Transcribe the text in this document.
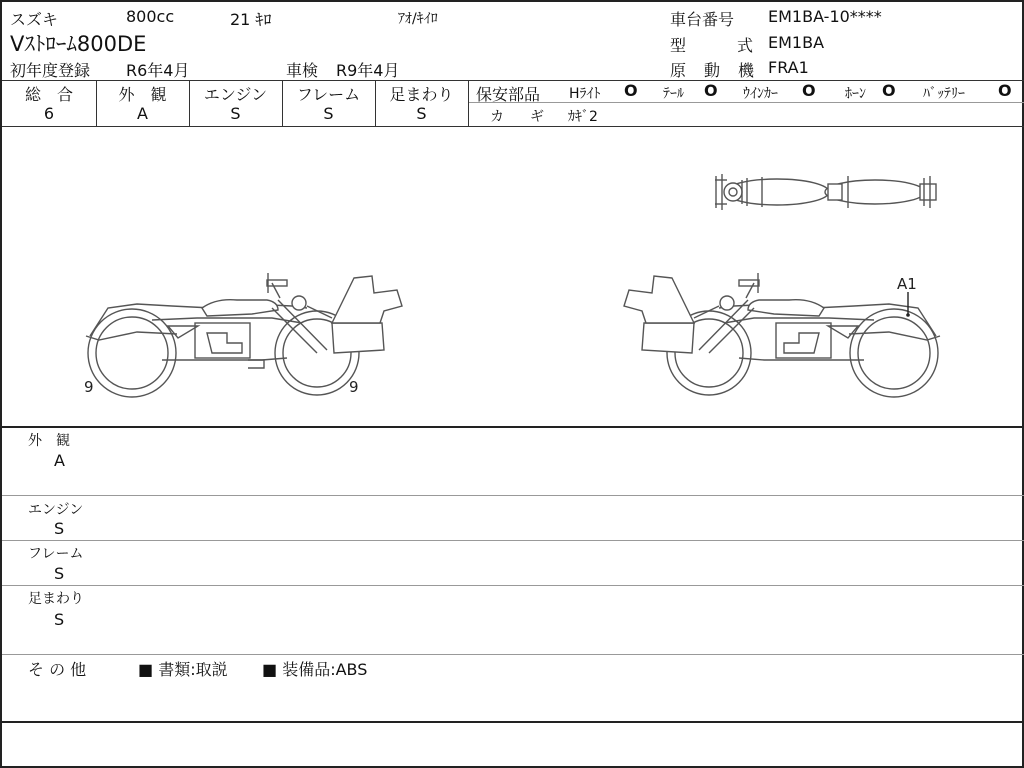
スズキ	800cc	21 ｷﾛ	ｱｵ/ｷｲﾛ	車台番号 EM1BA-10****
Vｽﾄﾛｰﾑ800DE	型	式 EM1BA
初年度登録 R6年4月	車検 R9年4月	原 動 機 FRA1
総　合	外　観	エンジン	フレーム	足まわり
6	A	S	S	S
保安部品 Hﾗｲﾄ O ﾃｰﾙ O ｳｲﾝｶｰ O ﾎｰﾝ O ﾊﾞｯﾃﾘｰ O
カ ギ ｶｷﾞ2
9	9
A1
外　観
A
エンジン
S
フレーム
S
足まわり
S
そ の 他	■ 書類:取説 ■ 装備品:ABS
